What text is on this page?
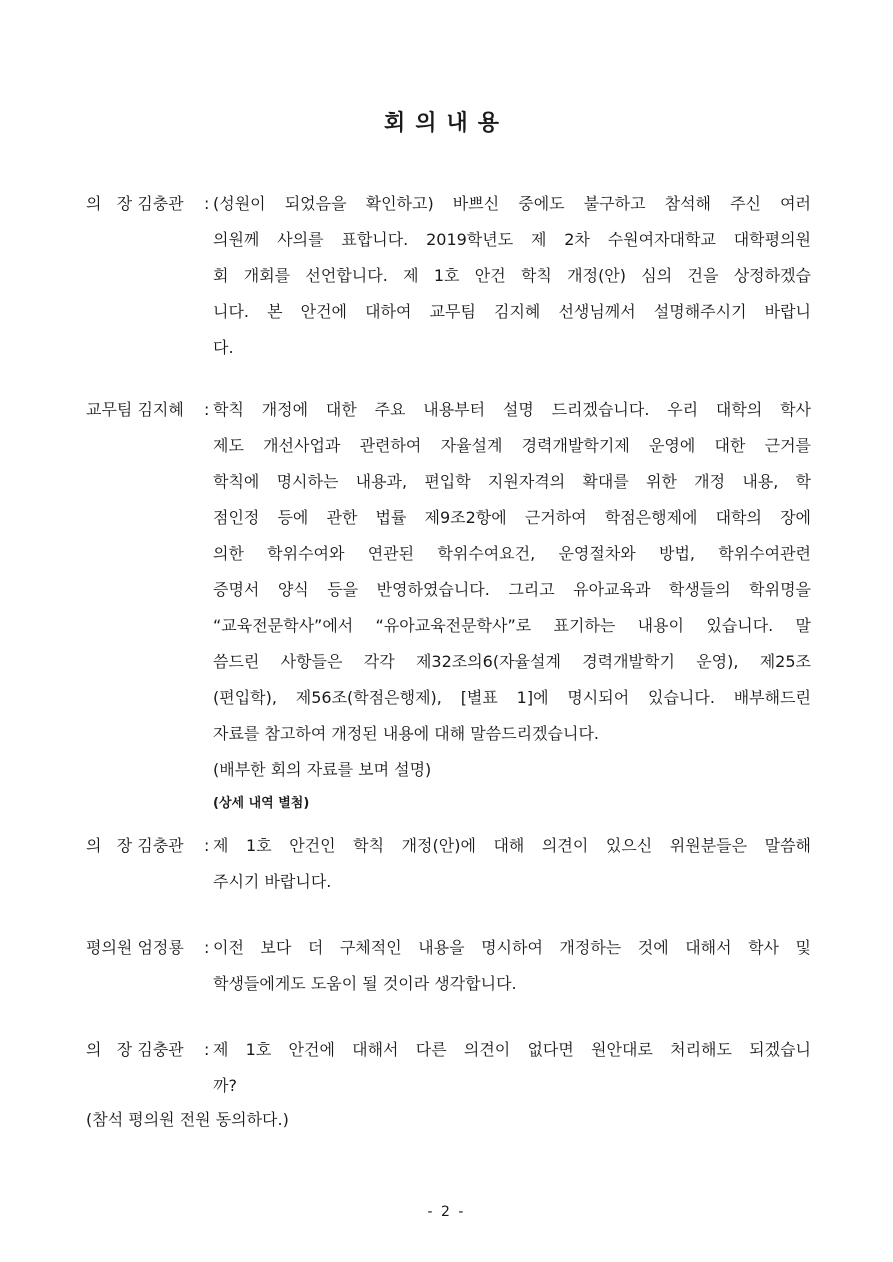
회의내용
의   장 김충관 : (성원이 되었음을 확인하고) 바쁘신 중에도 불구하고 참석해 주신 여러
의원께 사의를 표합니다. 2019학년도 제 2차 수원여자대학교 대학평의원
회 개회를 선언합니다. 제 1호 안건 학칙 개정(안) 심의 건을 상정하겠습
니다. 본 안건에 대하여 교무팀 김지혜 선생님께서 설명해주시기 바랍니
다.
교무팀 김지혜 : 학칙 개정에 대한 주요 내용부터 설명 드리겠습니다. 우리 대학의 학사
제도 개선사업과 관련하여 자율설계 경력개발학기제 운영에 대한 근거를
학칙에 명시하는 내용과, 편입학 지원자격의 확대를 위한 개정 내용, 학
점인정 등에 관한 법률 제9조2항에 근거하여 학점은행제에 대학의 장에
의한 학위수여와 연관된 학위수여요건, 운영절차와 방법, 학위수여관련
증명서 양식 등을 반영하였습니다. 그리고 유아교육과 학생들의 학위명을
“교육전문학사”에서 “유아교육전문학사”로 표기하는 내용이 있습니다. 말
씀드린 사항들은 각각 제32조의6(자율설계 경력개발학기 운영), 제25조
(편입학), 제56조(학점은행제), [별표 1]에 명시되어 있습니다. 배부해드린
자료를 참고하여 개정된 내용에 대해 말씀드리겠습니다.
(배부한 회의 자료를 보며 설명)
(상세 내역 별첨)
의   장 김충관 : 제 1호 안건인 학칙 개정(안)에 대해 의견이 있으신 위원분들은 말씀해
주시기 바랍니다.
평의원 엄정룡 : 이전 보다 더 구체적인 내용을 명시하여 개정하는 것에 대해서 학사 및
학생들에게도 도움이 될 것이라 생각합니다.
의   장 김충관 : 제 1호 안건에 대해서 다른 의견이 없다면 원안대로 처리해도 되겠습니
까?
(참석 평의원 전원 동의하다.)
- 2 -
